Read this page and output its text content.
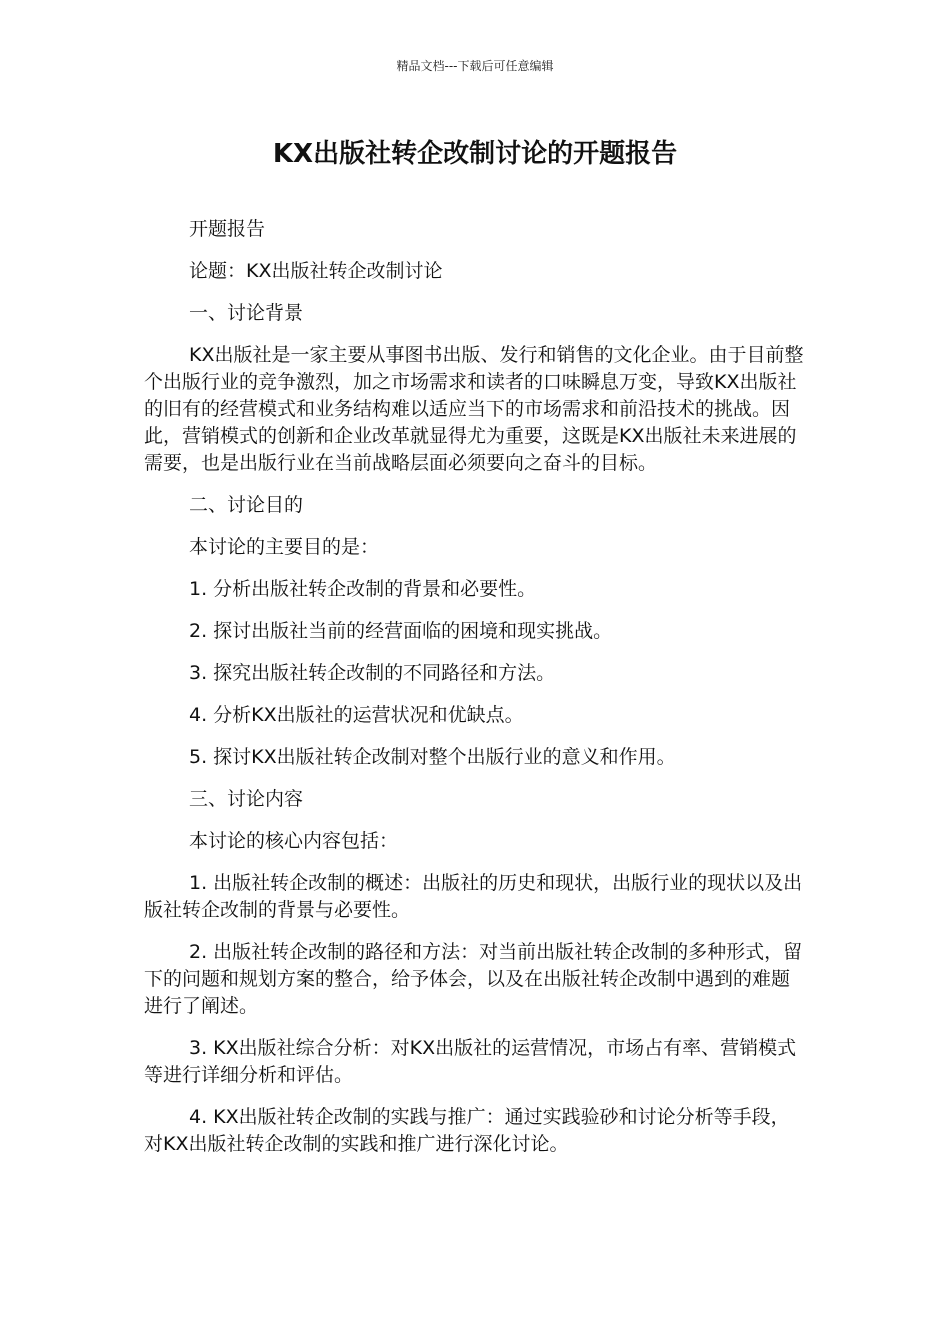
精品文档---下载后可任意编辑
KX出版社转企改制讨论的开题报告

开题报告

论题：KX出版社转企改制讨论

一、讨论背景

KX出版社是一家主要从事图书出版、发行和销售的文化企业。由于目前整个出版行业的竞争激烈，加之市场需求和读者的口味瞬息万变，导致KX出版社的旧有的经营模式和业务结构难以适应当下的市场需求和前沿技术的挑战。因此，营销模式的创新和企业改革就显得尤为重要，这既是KX出版社未来进展的需要，也是出版行业在当前战略层面必须要向之奋斗的目标。

二、讨论目的

本讨论的主要目的是：

1. 分析出版社转企改制的背景和必要性。

2. 探讨出版社当前的经营面临的困境和现实挑战。

3. 探究出版社转企改制的不同路径和方法。

4. 分析KX出版社的运营状况和优缺点。

5. 探讨KX出版社转企改制对整个出版行业的意义和作用。

三、讨论内容

本讨论的核心内容包括：

1. 出版社转企改制的概述：出版社的历史和现状，出版行业的现状以及出版社转企改制的背景与必要性。

2. 出版社转企改制的路径和方法：对当前出版社转企改制的多种形式，留下的问题和规划方案的整合，给予体会，以及在出版社转企改制中遇到的难题进行了阐述。

3. KX出版社综合分析：对KX出版社的运营情况，市场占有率、营销模式等进行详细分析和评估。

4. KX出版社转企改制的实践与推广：通过实践验砂和讨论分析等手段，对KX出版社转企改制的实践和推广进行深化讨论。
